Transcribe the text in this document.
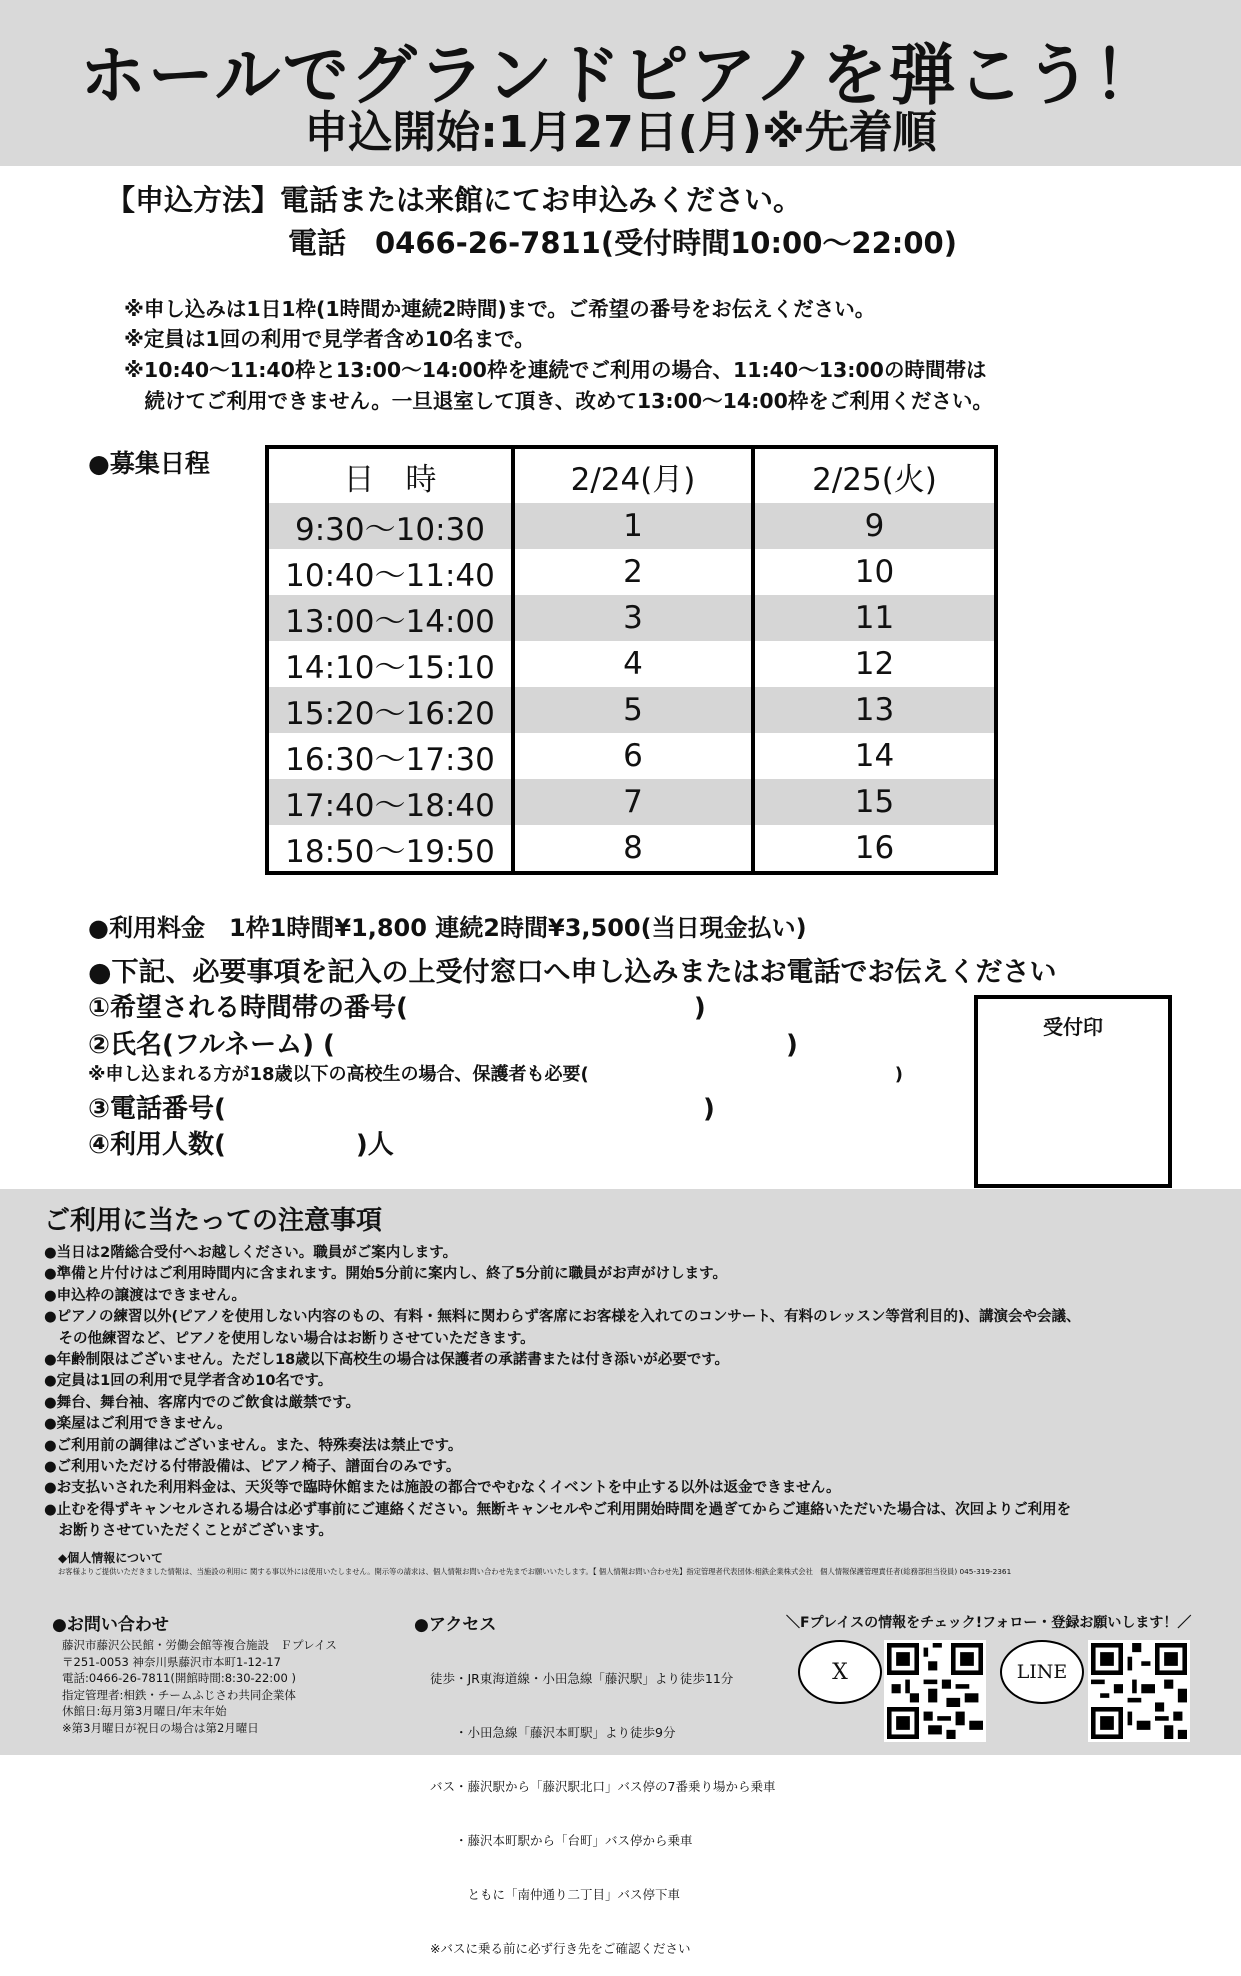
ホールでグランドピアノを弾こう！
申込開始:1月27日(月)※先着順
【申込方法】電話または来館にてお申込みください。
電話　0466-26-7811(受付時間10:00～22:00)
※申し込みは1日1枠(1時間か連続2時間)まで。ご希望の番号をお伝えください。
※定員は1回の利用で見学者含め10名まで。
※10:40～11:40枠と13:00～14:00枠を連続でご利用の場合、11:40～13:00の時間帯は
　続けてご利用できません。一旦退室して頂き、改めて13:00～14:00枠をご利用ください。
●募集日程	日　時	2/24(月)	2/25(火)
9:30～10:30	1	9
10:40～11:40	2	10
13:00～14:00	3	11
14:10～15:10	4	12
15:20～16:20	5	13
16:30～17:30	6	14
17:40～18:40	7	15
18:50～19:50	8	16
●利用料金　1枠1時間¥1,800 連続2時間¥3,500(当日現金払い)
●下記、必要事項を記入の上受付窓口へ申し込みまたはお電話でお伝えください
①希望される時間帯の番号(　　　　　　　　　　　)
②氏名(フルネーム) (　　　　　　　　　　　　　　　　　 )
※申し込まれる方が18歳以下の高校生の場合、保護者も必要(　　　　　　　　　　　　　　　　　)
③電話番号(　　　　　　　　　　　　　　　　　　 )
④利用人数(　　　　　)人
受付印
ご利用に当たっての注意事項
●当日は2階総合受付へお越しください。職員がご案内します。
●準備と片付けはご利用時間内に含まれます。開始5分前に案内し、終了5分前に職員がお声がけします。
●申込枠の譲渡はできません。
●ピアノの練習以外(ピアノを使用しない内容のもの、有料・無料に関わらず客席にお客様を入れてのコンサート、有料のレッスン等営利目的)、講演会や会議、
　その他練習など、ピアノを使用しない場合はお断りさせていただきます。
●年齢制限はございません。ただし18歳以下高校生の場合は保護者の承諾書または付き添いが必要です。
●定員は1回の利用で見学者含め10名です。
●舞台、舞台袖、客席内でのご飲食は厳禁です。
●楽屋はご利用できません。
●ご利用前の調律はございません。また、特殊奏法は禁止です。
●ご利用いただける付帯設備は、ピアノ椅子、譜面台のみです。
●お支払いされた利用料金は、天災等で臨時休館または施設の都合でやむなくイベントを中止する以外は返金できません。
●止むを得ずキャンセルされる場合は必ず事前にご連絡ください。無断キャンセルやご利用開始時間を過ぎてからご連絡いただいた場合は、次回よりご利用を
　お断りさせていただくことがございます。
◆個人情報について
お客様よりご提供いただきました情報は、当施設の利用に 関する事以外には使用いたしません。開示等の請求は、個人情報お問い合わせ先までお願いいたします。【 個人情報お問い合わせ先】指定管理者代表団体:相鉄企業株式会社　個人情報保護管理責任者(総務部担当役員) 045-319-2361
●お問い合わせ
藤沢市藤沢公民館・労働会館等複合施設　Ｆプレイス
〒251-0053 神奈川県藤沢市本町1-12-17
電話:0466-26-7811(開館時間:8:30-22:00 )
指定管理者:相鉄・チームふじさわ共同企業体
休館日:毎月第3月曜日/年末年始
※第3月曜日が祝日の場合は第2月曜日
●アクセス

徒歩・JR東海道線・小田急線「藤沢駅」より徒歩11分

　　・小田急線「藤沢本町駅」より徒歩9分

バス・藤沢駅から「藤沢駅北口」バス停の7番乗り場から乗車

　　・藤沢本町駅から「台町」バス停から乗車

　　　ともに「南仲通り二丁目」バス停下車

※バスに乗る前に必ず行き先をご確認ください

＼Fプレイスの情報をチェック!フォロー・登録お願いします！／
X	LINE
